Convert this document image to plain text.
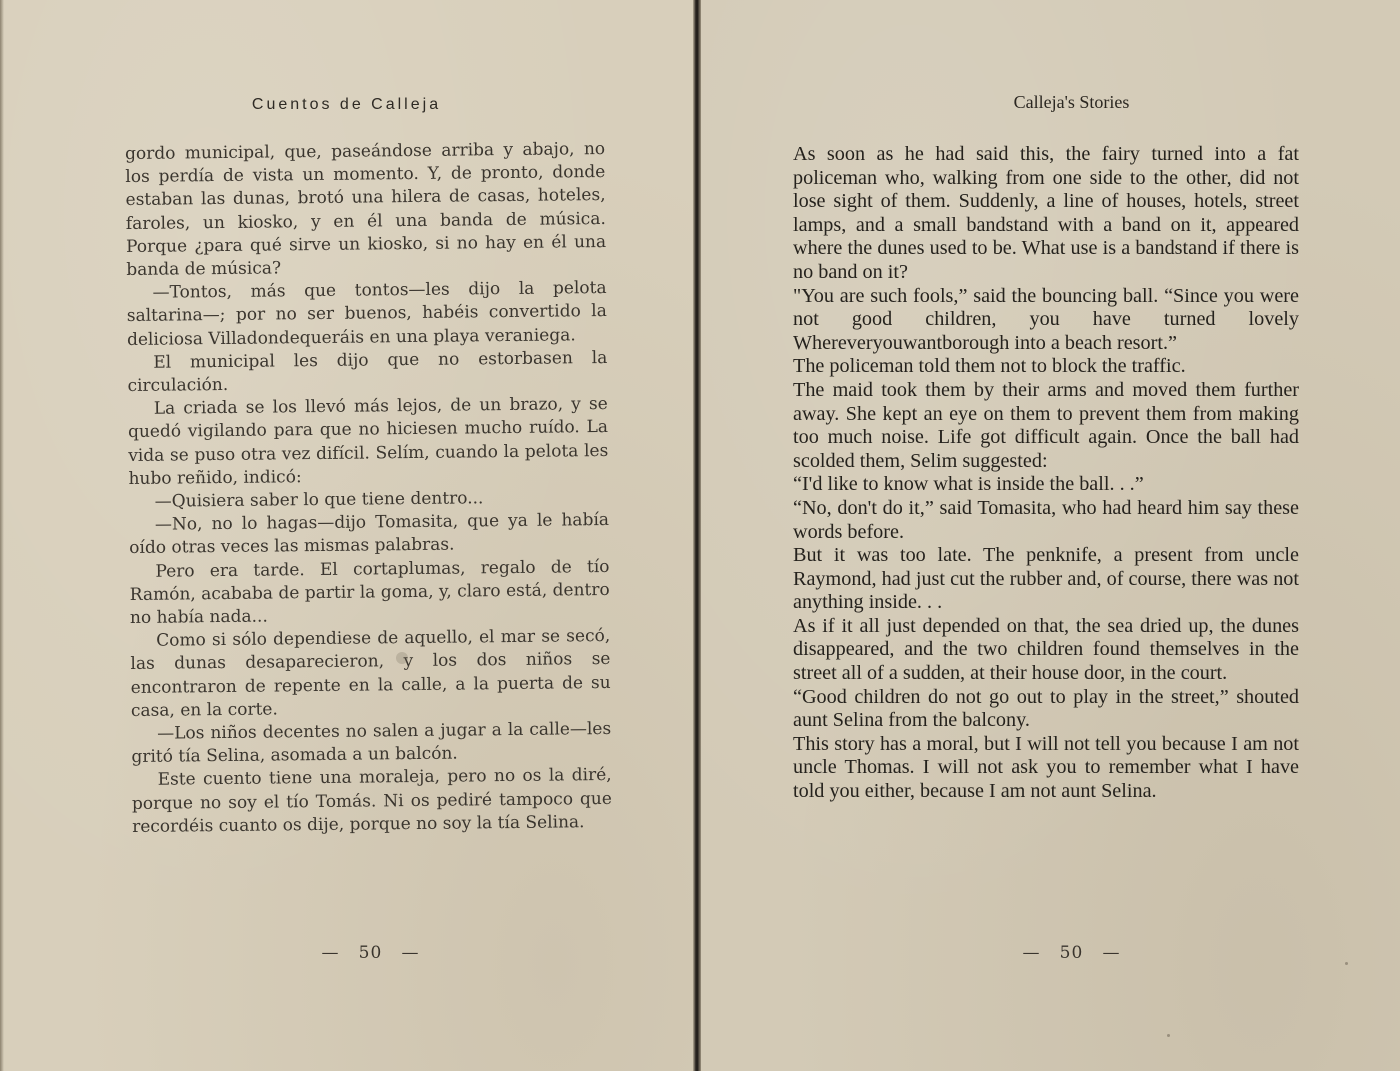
Cuentos de Calleja

gordo municipal, que, paseándose arriba y abajo, no los perdía de vista un momento. Y, de pronto, donde estaban las dunas, brotó una hilera de casas, hoteles, faroles, un kiosko, y en él una banda de música. Porque ¿para qué sirve un kiosko, si no hay en él una banda de música?

—Tontos, más que tontos—les dijo la pelota saltarina—; por no ser buenos, habéis convertido la deliciosa Villadondequeráis en una playa veraniega.

El municipal les dijo que no estorbasen la circulación.

La criada se los llevó más lejos, de un brazo, y se quedó vigilando para que no hiciesen mucho ruído. La vida se puso otra vez difícil. Selím, cuando la pelota les hubo reñido, indicó:

—Quisiera saber lo que tiene dentro...

—No, no lo hagas—dijo Tomasita, que ya le había oído otras veces las mismas palabras.

Pero era tarde. El cortaplumas, regalo de tío Ramón, acababa de partir la goma, y, claro está, dentro no había nada...

Como si sólo dependiese de aquello, el mar se secó, las dunas desaparecieron, y los dos niños se encontraron de repente en la calle, a la puerta de su casa, en la corte.

—Los niños decentes no salen a jugar a la calle—les gritó tía Selina, asomada a un balcón.

Este cuento tiene una moraleja, pero no os la diré, porque no soy el tío Tomás. Ni os pediré tampoco que recordéis cuanto os dije, porque no soy la tía Selina.

—   50   —
Calleja's Stories

As soon as he had said this, the fairy turned into a fat policeman who, walking from one side to the other, did not lose sight of them. Suddenly, a line of houses, hotels, street lamps, and a small bandstand with a band on it, appeared where the dunes used to be. What use is a bandstand if there is no band on it?

"You are such fools,” said the bouncing ball. “Since you were not good children, you have turned lovely Whereveryouwantborough into a beach resort.”

The policeman told them not to block the traffic.

The maid took them by their arms and moved them further away. She kept an eye on them to prevent them from making too much noise. Life got difficult again. Once the ball had scolded them, Selim suggested:

“I'd like to know what is inside the ball. . .”

“No, don't do it,” said Tomasita, who had heard him say these words before.

But it was too late. The penknife, a present from uncle Raymond, had just cut the rubber and, of course, there was not anything inside. . .

As if it all just depended on that, the sea dried up, the dunes disappeared, and the two children found themselves in the street all of a sudden, at their house door, in the court.

“Good children do not go out to play in the street,” shouted aunt Selina from the balcony.

This story has a moral, but I will not tell you because I am not uncle Thomas. I will not ask you to remember what I have told you either, because I am not aunt Selina.

—   50   —
